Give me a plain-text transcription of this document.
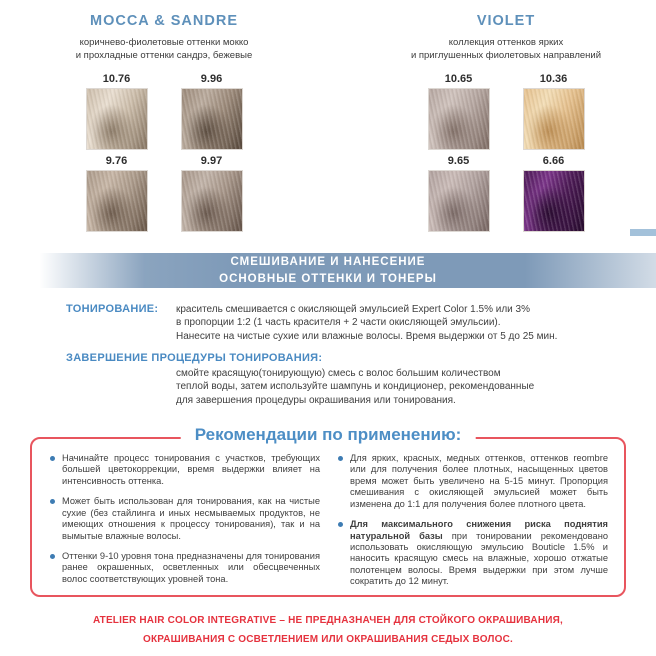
MOCCA & SANDRE
коричнево-фиолетовые оттенки мокко
и прохладные оттенки сандрэ, бежевые
10.76	9.96
9.76	9.97
VIOLET
коллекция оттенков ярких
и приглушенных фиолетовых направлений
10.65	10.36
9.65	6.66
СМЕШИВАНИЕ И НАНЕСЕНИЕ
ОСНОВНЫЕ ОТТЕНКИ И ТОНЕРЫ
ТОНИРОВАНИЕ:	краситель смешивается с окисляющей эмульсией Expert Color 1.5% или 3%
в пропорции 1:2 (1 часть красителя + 2 части окисляющей эмульсии).
Нанесите на чистые сухие или влажные волосы. Время выдержки от 5 до 25 мин.
ЗАВЕРШЕНИЕ ПРОЦЕДУРЫ ТОНИРОВАНИЯ:
смойте красящую(тонирующую) смесь с волос большим количеством
теплой воды, затем используйте шампунь и кондиционер, рекомендованные
для завершения процедуры окрашивания или тонирования.
Рекомендации по применению:
Начинайте процесс тонирования с участков, требующих большей цветокоррекции, время выдержки влияет на интенсивность оттенка.
Может быть использован для тонирования, как на чистые сухие (без стайлинга и иных несмываемых продуктов, не имеющих отношения к процессу тонирования), так и на вымытые влажные волосы.
Оттенки 9-10 уровня тона предназначены для тонирования ранее окрашенных, осветленных или обесцвеченных волос соответствующих уровней тона.
Для ярких, красных, медных оттенков, оттенков reombre или для получения более плотных, насыщенных цветов время может быть увеличено на 5-15 минут. Пропорция смешивания с окисляющей эмульсией может быть изменена до 1:1 для получения более плотного цвета.
Для максимального снижения риска поднятия натуральной базы при тонировании рекомендовано использовать окисляющую эмульсию Bouticle 1.5% и наносить красящую смесь на влажные, хорошо отжатые полотенцем волосы. Время выдержки при этом лучше сократить до 12 минут.
ATELIER HAIR COLOR INTEGRATIVE – НЕ ПРЕДНАЗНАЧЕН ДЛЯ СТОЙКОГО ОКРАШИВАНИЯ,
ОКРАШИВАНИЯ С ОСВЕТЛЕНИЕМ ИЛИ ОКРАШИВАНИЯ СЕДЫХ ВОЛОС.
